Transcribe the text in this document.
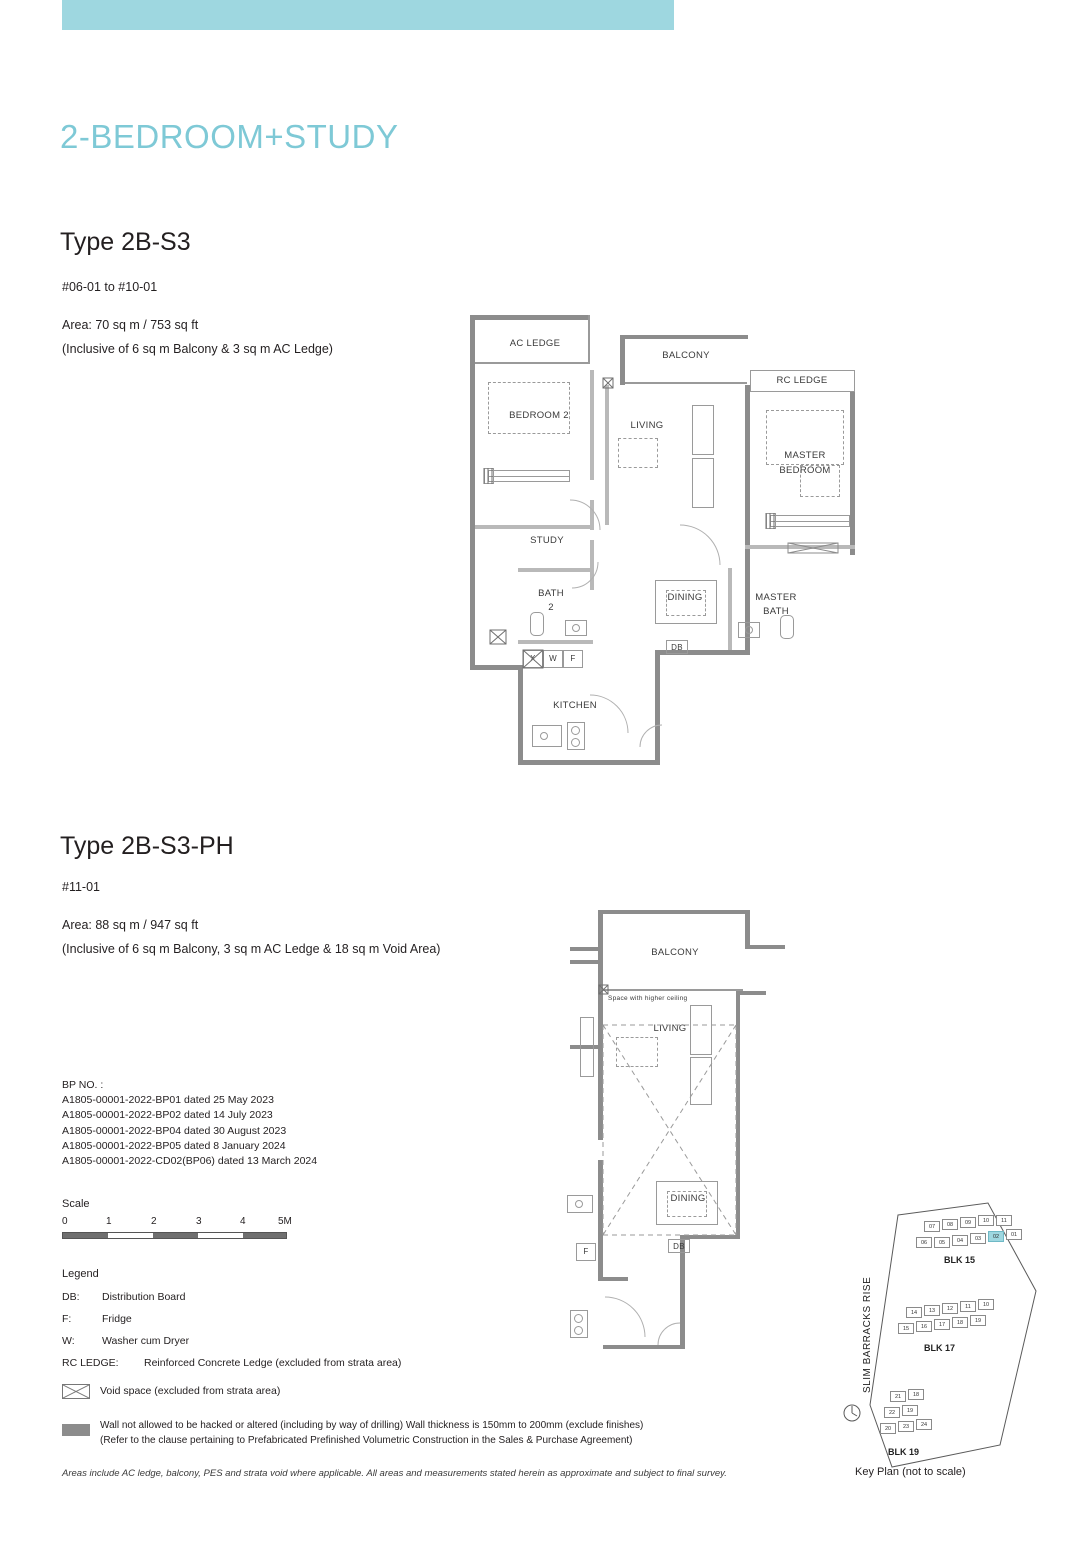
2-BEDROOM+STUDY
Type 2B-S3
#06-01 to #10-01
Area: 70 sq m / 753 sq ft
(Inclusive of 6 sq m Balcony & 3 sq m AC Ledge)	AC LEDGE
BALCONY
RC LEDGE
BEDROOM 2
LIVING
MASTER
BEDROOM
STUDY
BATH
2
X	W	F
KITCHEN
DINING
DB
MASTER
BATH
Type 2B-S3-PH
#11-01
Area: 88 sq m / 947 sq ft
(Inclusive of 6 sq m Balcony, 3 sq m AC Ledge & 18 sq m Void Area)	BALCONY
Space with higher ceiling
LIVING
DINING
DB
F
BP NO. :
A1805-00001-2022-BP01 dated 25 May 2023
A1805-00001-2022-BP02 dated 14 July 2023
A1805-00001-2022-BP04 dated 30 August 2023
A1805-00001-2022-BP05 dated 8 January 2024
A1805-00001-2022-CD02(BP06) dated 13 March 2024
Scale
0	1	2	3	4	5M
Legend
DB: Distribution Board
F:	Fridge
W:	Washer cum Dryer
RC LEDGE: Reinforced Concrete Ledge (excluded from strata area)
Void space (excluded from strata area)
Wall not allowed to be hacked or altered (including by way of drilling) Wall thickness is 150mm to 200mm (exclude finishes)
(Refer to the clause pertaining to Prefabricated Prefinished Volumetric Construction in the Sales & Purchase Agreement)
Areas include AC ledge, balcony, PES and strata void where applicable. All areas and measurements stated herein as approximate and subject to final survey.
SLIM BARRACKS RISE
07	08	09	10	11
06	05	04	03	02	01
BLK 15
14	13	12	11	10
15	16	17	18	19
BLK 17
21	18
22	19
20	23	24
BLK 19
Key Plan (not to scale)
